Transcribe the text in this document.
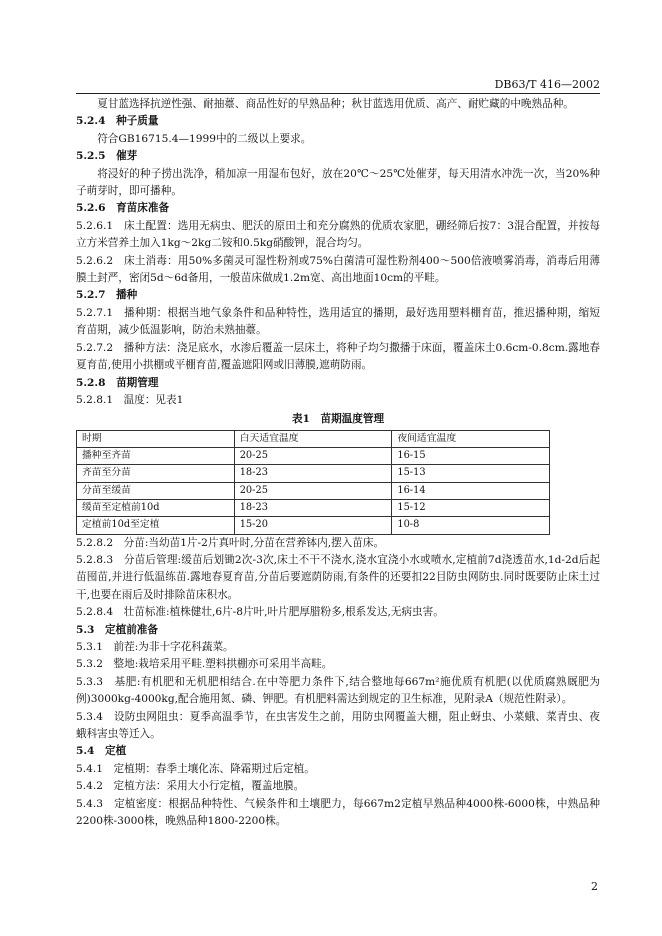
DB63/T 416—2002

夏甘蓝选择抗逆性强、耐抽薹、商品性好的早熟品种；秋甘蓝选用优质、高产、耐贮藏的中晚熟品种。

5.2.4　种子质量

符合GB16715.4—1999中的二级以上要求。

5.2.5　催芽

将浸好的种子捞出洗净，稍加凉一用湿布包好，放在20℃～25℃处催芽，每天用清水冲洗一次，当20%种子萌芽时，即可播种。

5.2.6　育苗床准备

5.2.6.1　床土配置：选用无病虫、肥沃的原田土和充分腐熟的优质农家肥，硼经筛后按7：3混合配置，并按每立方米营养土加入1kg～2kg二铵和0.5kg硝酸钾，混合均匀。

5.2.6.2　床土消毒：用50%多菌灵可湿性粉剂或75%白菌清可湿性粉剂400～500倍液喷雾消毒，消毒后用薄膜土封严，密闭5d～6d备用，一般苗床做成1.2m宽、高出地面10cm的平畦。

5.2.7　播种

5.2.7.1　播种期：根据当地气象条件和品种特性，选用适宜的播期，最好选用塑料棚育苗，推迟播种期，缩短育苗期，减少低温影响，防治未熟抽薹。

5.2.7.2　播种方法：浇足底水，水渗后覆盖一层床土，将种子均匀撒播于床面，覆盖床土0.6cm-0.8cm.露地春夏育苗,使用小拱棚或平棚育苗,覆盖遮阳网或旧薄膜,遮萌防雨。

5.2.8　苗期管理

5.2.8.1　温度：见表1

表1　苗期温度管理
时期	白天适宜温度	夜间适宜温度
播种至齐苗	20-25	16-15
齐苗至分苗	18-23	15-13
分苗至缓苗	20-25	16-14
缓苗至定植前10d	18-23	15-12
定植前10d至定植	15-20	10-8

5.2.8.2　分苗:当幼苗1片-2片真叶时,分苗在营养钵内,摆入苗床。

5.2.8.3　分苗后管理:缓苗后划锄2次-3次,床土不干不浇水,浇水宜浇小水或喷水,定植前7d浇透苗水,1d-2d后起苗囤苗,并进行低温练苗.露地春夏育苗,分苗后要遮荫防雨,有条件的还要扣22目防虫网防虫.同时既要防止床土过干,也要在雨后及时排除苗床积水。

5.2.8.4　壮苗标准:植株健壮,6片-8片叶,叶片肥厚腊粉多,根系发达,无病虫害。

5.3　定植前准备

5.3.1　前茬:为非十字花科蔬菜。

5.3.2　整地:栽培采用平畦.塑料拱棚亦可采用半高畦。

5.3.3　基肥:有机肥和无机肥相结合.在中等肥力条件下,结合整地每667m²施优质有机肥(以优质腐熟厩肥为例)3000kg-4000kg,配合施用氮、磷、钾肥。有机肥料需达到规定的卫生标准，见附录A（规范性附录）。

5.3.4　设防虫网阻虫：夏季高温季节，在虫害发生之前，用防虫网覆盖大棚，阻止蚜虫、小菜蛾、菜青虫、夜蛾科害虫等迁入。

5.4　定植

5.4.1　定植期：春季土壤化冻、降霜期过后定植。

5.4.2　定植方法：采用大小行定植，覆盖地膜。

5.4.3　定植密度：根据品种特性、气候条件和土壤肥力，每667m2定植早熟品种4000株-6000株，中熟品种2200株-3000株，晚熟品种1800-2200株。

2
